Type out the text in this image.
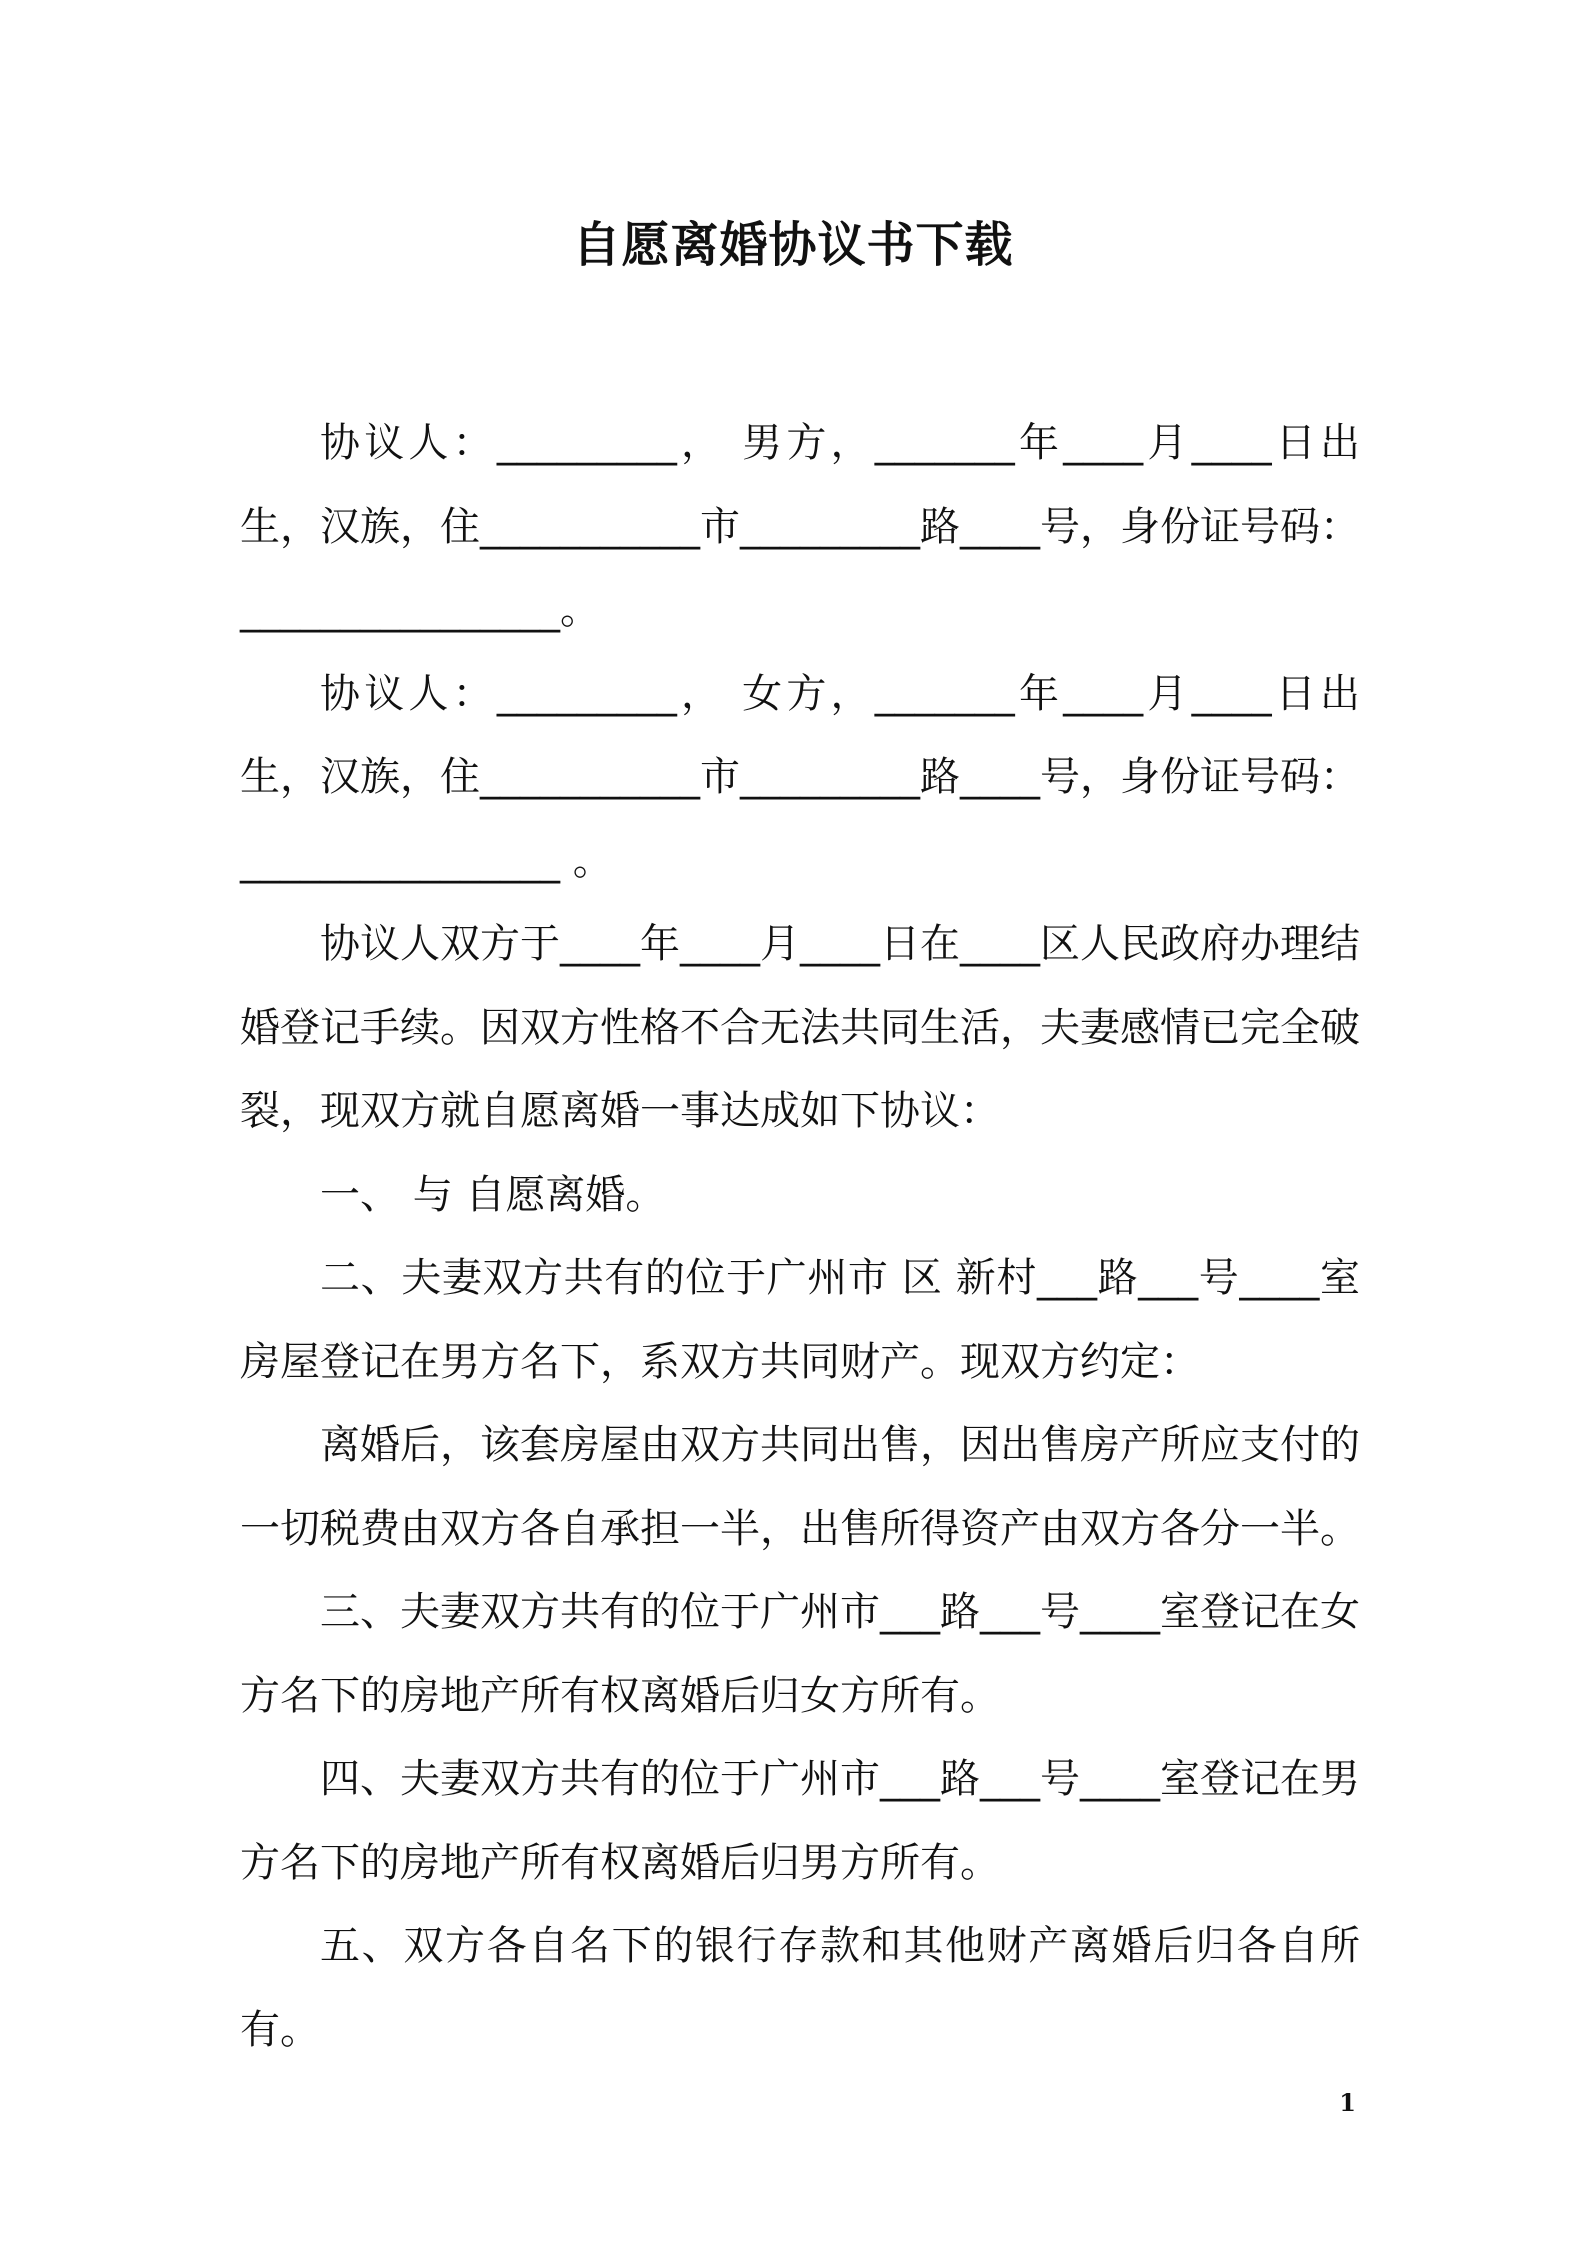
自愿离婚协议书下载

协议人：_________， 男方，_______年____月____日出生，汉族，住___________市_________路____号，身份证号码：________________。

协议人：_________， 女方，_______年____月____日出生，汉族，住___________市_________路____号，身份证号码：________________ 。

协议人双方于____年____月____日在____区人民政府办理结婚登记手续。因双方性格不合无法共同生活，夫妻感情已完全破裂，现双方就自愿离婚一事达成如下协议：

一、 与 自愿离婚。

二、夫妻双方共有的位于广州市 区 新村___路___号____室房屋登记在男方名下，系双方共同财产。现双方约定：

离婚后，该套房屋由双方共同出售，因出售房产所应支付的一切税费由双方各自承担一半，出售所得资产由双方各分一半。

三、夫妻双方共有的位于广州市___路___号____室登记在女方名下的房地产所有权离婚后归女方所有。

四、夫妻双方共有的位于广州市___路___号____室登记在男方名下的房地产所有权离婚后归男方所有。

五、双方各自名下的银行存款和其他财产离婚后归各自所有。

1
